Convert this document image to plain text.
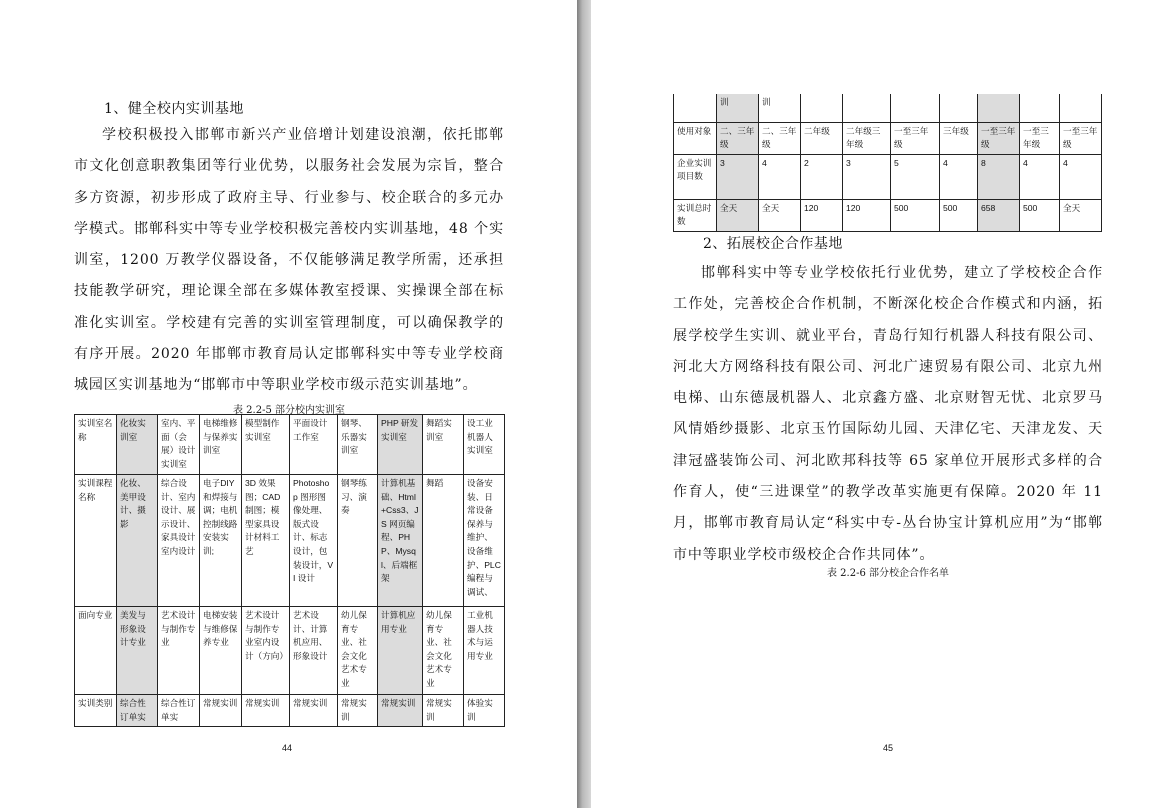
1、健全校内实训基地

学校积极投入邯郸市新兴产业倍增计划建设浪潮，依托邯郸市文化创意职教集团等行业优势，以服务社会发展为宗旨，整合多方资源，初步形成了政府主导、行业参与、校企联合的多元办学模式。邯郸科实中等专业学校积极完善校内实训基地，48 个实训室，1200 万教学仪器设备，不仅能够满足教学所需，还承担技能教学研究，理论课全部在多媒体教室授课、实操课全部在标准化实训室。学校建有完善的实训室管理制度，可以确保教学的有序开展。2020 年邯郸市教育局认定邯郸科实中等专业学校商城园区实训基地为“邯郸市中等职业学校市级示范实训基地”。

表 2.2-5 部分校内实训室
实训室名称	化妆实训室	室内、平面（会展）设计实训室	电梯维修与保养实训室	模型制作实训室	平面设计工作室	钢琴、乐器实训室	PHP 研发实训室	舞蹈实训室	设工业机器人实训室
实训课程名称	化妆、美甲设计、摄影	综合设计、室内设计、展示设计、家具设计室内设计	电子DIY 和焊接与调；电机控制线路安装实训;	3D 效果图；CAD 制图；模型家具设计材料工艺	Photoshop 图形图像处理、版式设计、标志设计，包装设计，VI 设计	钢琴练习、演奏	计算机基础、Html+Css3、JS 网页编程、PHP、Mysql、后端框架	舞蹈	设备安装、日常设备保养与维护、设备维护、PLC 编程与调试、
面向专业	美发与形象设计专业	艺术设计与制作专业	电梯安装与维修保养专业	艺术设计与制作专业室内设计（方向）	艺术设计、计算机应用、形象设计	幼儿保育专业、社会文化艺术专业	计算机应用专业	幼儿保育专业、社会文化艺术专业	工业机器人技术与运用专业
实训类别	综合性订单实	综合性订单实	常规实训	常规实训	常规实训	常规实训	常规实训	常规实训	体验实训
44
	训	训							
使用对象	二、三年级	二、三年级	二年级	二年级三年级	一至三年级	三年级	一至三年级	一至三年级	一至三年级
企业实训项目数	3	4	2	3	5	4	8	4	4
实训总时数	全天	全天	120	120	500	500	658	500	全天
2、拓展校企合作基地

邯郸科实中等专业学校依托行业优势，建立了学校校企合作工作处，完善校企合作机制，不断深化校企合作模式和内涵，拓展学校学生实训、就业平台，青岛行知行机器人科技有限公司、河北大方网络科技有限公司、河北广速贸易有限公司、北京九州电梯、山东德晟机器人、北京鑫方盛、北京财智无忧、北京罗马风情婚纱摄影、北京玉竹国际幼儿园、天津亿宅、天津龙发、天津冠盛装饰公司、河北欧邦科技等 65 家单位开展形式多样的合作育人，使“三进课堂”的教学改革实施更有保障。2020 年 11 月，邯郸市教育局认定“科实中专-丛台协宝计算机应用”为“邯郸市中等职业学校市级校企合作共同体”。

表 2.2-6 部分校企合作名单
45
